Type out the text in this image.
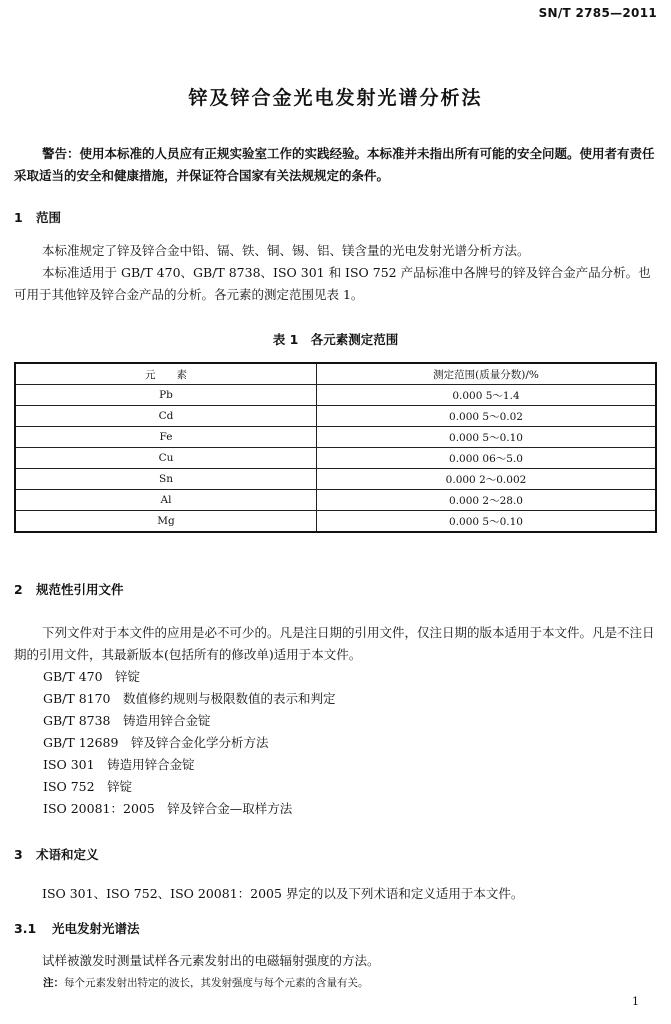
SN/T 2785—2011
锌及锌合金光电发射光谱分析法
警告：使用本标准的人员应有正规实验室工作的实践经验。本标准并未指出所有可能的安全问题。使用者有责任采取适当的安全和健康措施，并保证符合国家有关法规规定的条件。
1 范围
本标准规定了锌及锌合金中铅、镉、铁、铜、锡、铝、镁含量的光电发射光谱分析方法。
本标准适用于 GB/T 470、GB/T 8738、ISO 301 和 ISO 752 产品标准中各牌号的锌及锌合金产品分析。也可用于其他锌及锌合金产品的分析。各元素的测定范围见表 1。
表 1　各元素测定范围
元　　素	测定范围(质量分数)/%
Pb	0.000 5～1.4
Cd	0.000 5～0.02
Fe	0.000 5～0.10
Cu	0.000 06～5.0
Sn	0.000 2～0.002
Al	0.000 2～28.0
Mg	0.000 5～0.10
2 规范性引用文件
下列文件对于本文件的应用是必不可少的。凡是注日期的引用文件，仅注日期的版本适用于本文件。凡是不注日期的引用文件，其最新版本(包括所有的修改单)适用于本文件。
GB/T 470　锌锭
GB/T 8170　数值修约规则与极限数值的表示和判定
GB/T 8738　铸造用锌合金锭
GB/T 12689　锌及锌合金化学分析方法
ISO 301　铸造用锌合金锭
ISO 752　锌锭
ISO 20081：2005　锌及锌合金—取样方法
3 术语和定义
ISO 301、ISO 752、ISO 20081：2005 界定的以及下列术语和定义适用于本文件。
3.1 光电发射光谱法
试样被激发时测量试样各元素发射出的电磁辐射强度的方法。
注：每个元素发射出特定的波长，其发射强度与每个元素的含量有关。
1
